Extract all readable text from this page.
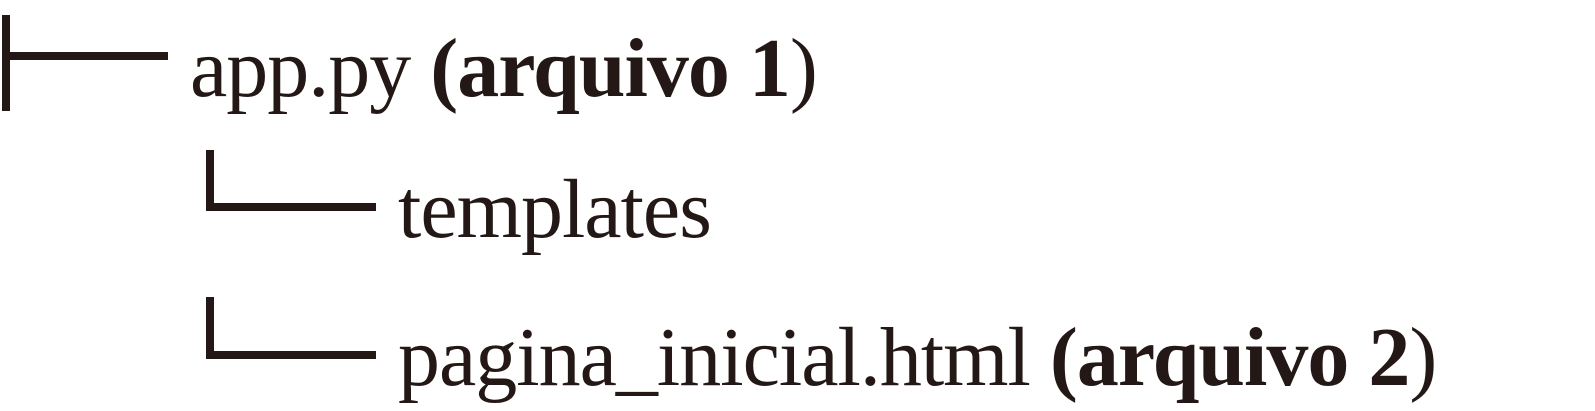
app.py (arquivo 1)
templates
pagina_inicial.html (arquivo 2)
